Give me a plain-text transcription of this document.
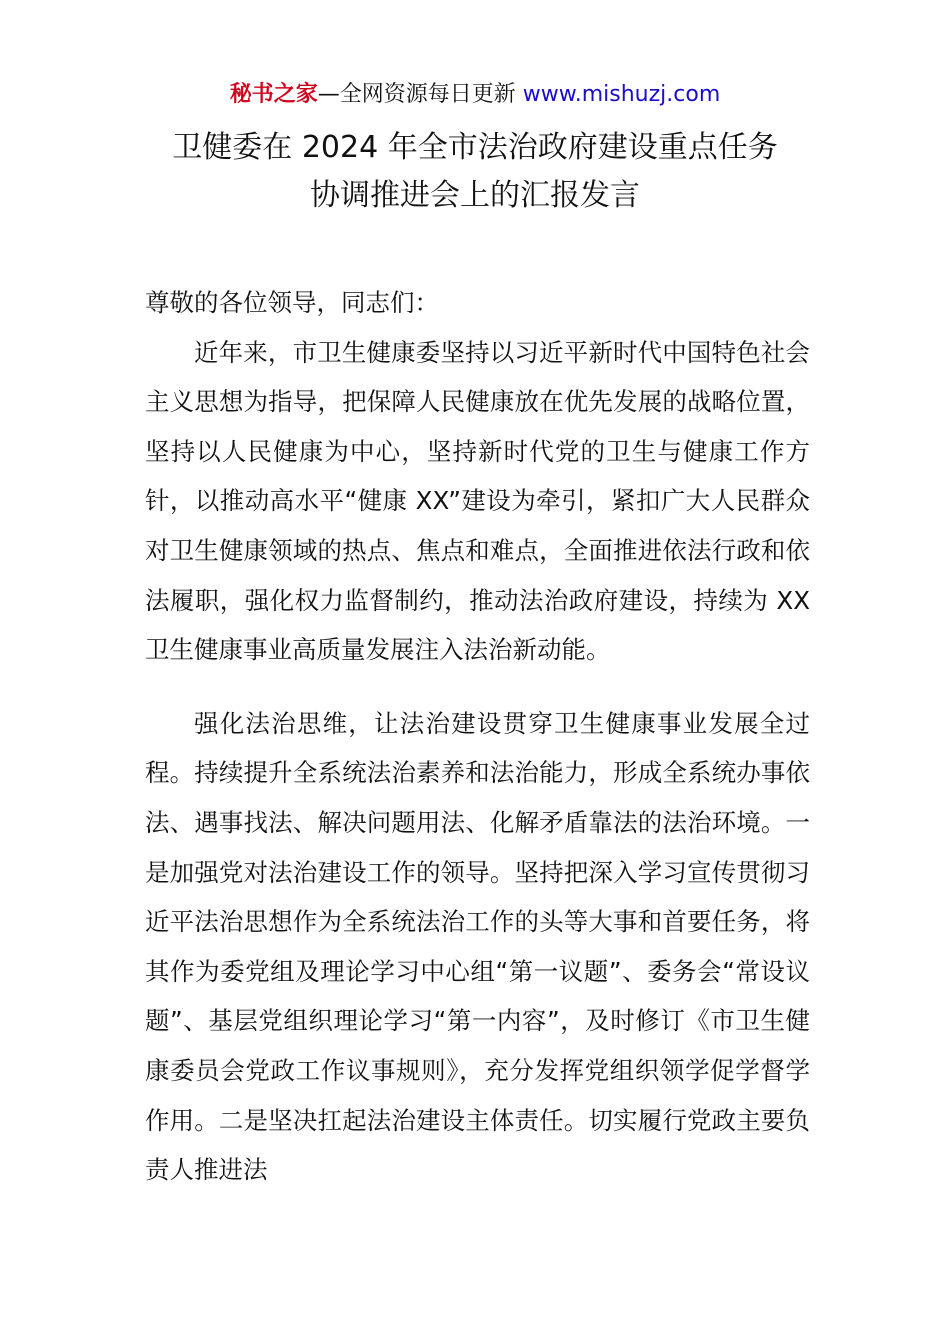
秘书之家—全网资源每日更新 www.mishuzj.com
卫健委在 2024 年全市法治政府建设重点任务
协调推进会上的汇报发言

尊敬的各位领导，同志们：

近年来，市卫生健康委坚持以习近平新时代中国特色社会主义思想为指导，把保障人民健康放在优先发展的战略位置，坚持以人民健康为中心，坚持新时代党的卫生与健康工作方针，以推动高水平“健康 XX”建设为牵引，紧扣广大人民群众对卫生健康领域的热点、焦点和难点，全面推进依法行政和依法履职，强化权力监督制约，推动法治政府建设，持续为 XX 卫生健康事业高质量发展注入法治新动能。

强化法治思维，让法治建设贯穿卫生健康事业发展全过程。持续提升全系统法治素养和法治能力，形成全系统办事依法、遇事找法、解决问题用法、化解矛盾靠法的法治环境。一是加强党对法治建设工作的领导。坚持把深入学习宣传贯彻习近平法治思想作为全系统法治工作的头等大事和首要任务，将其作为委党组及理论学习中心组“第一议题”、委务会“常设议题”、基层党组织理论学习“第一内容”，及时修订《市卫生健康委员会党政工作议事规则》，充分发挥党组织领学促学督学作用。二是坚决扛起法治建设主体责任。切实履行党政主要负责人推进法
